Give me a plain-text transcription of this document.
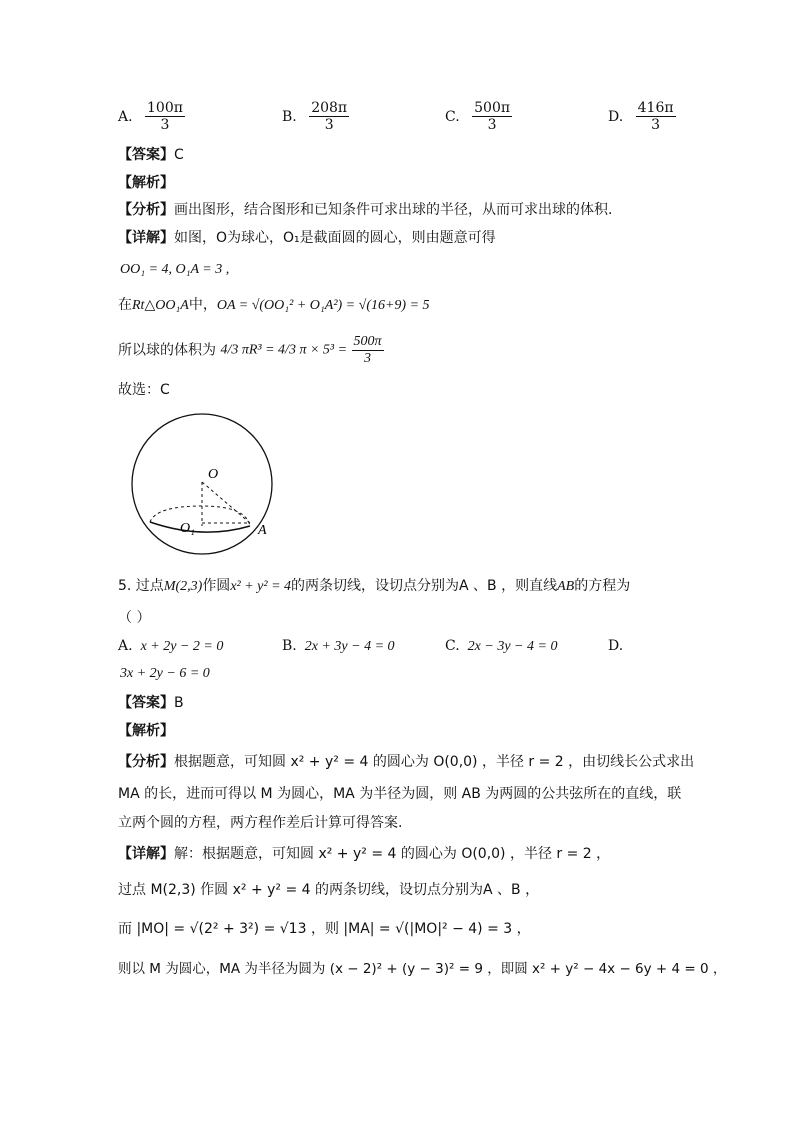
A. $\frac{100\pi}{3}$	B. $\frac{208\pi}{3}$	C. $\frac{500\pi}{3}$	D. $\frac{416\pi}{3}$
【答案】C
【解析】
【分析】画出图形，结合图形和已知条件可求出球的半径，从而可求出球的体积.
【详解】如图，O为球心，O₁是截面圆的圆心，则由题意可得
OO₁ = 4, O₁A = 3 ,
在Rt△OO₁A中，OA = √(OO₁² + O₁A²) = √(16+9) = 5
所以球的体积为 4/3 πR³ = 4/3 $\pi \times 5^3 = \frac{500\pi}{3}$
故选：C
O
O₁	A
5. 过点M(2,3)作圆x² + y² = 4的两条切线，设切点分别为A 、B ，则直线AB的方程为
（ ）
A. x + 2y − 2 = 0	B. 2x + 3y − 4 = 0	C. 2x − 3y − 4 = 0	D.
3x + 2y − 6 = 0
【答案】B
【解析】
【分析】根据题意，可知圆 x² + y² = 4 的圆心为 O(0,0) ，半径 r = 2 ，由切线长公式求出
MA 的长，进而可得以 M 为圆心，MA 为半径为圆，则 AB 为两圆的公共弦所在的直线，联
立两个圆的方程，两方程作差后计算可得答案.
【详解】解：根据题意，可知圆 x² + y² = 4 的圆心为 O(0,0) ，半径 r = 2 ，
过点 M(2,3) 作圆 x² + y² = 4 的两条切线，设切点分别为A 、B ，
而 |MO| = √(2² + 3²) = √13 ，则 |MA| = √(|MO|² − 4) = 3 ，
则以 M 为圆心，MA 为半径为圆为 (x − 2)² + (y − 3)² = 9 ，即圆 x² + y² − 4x − 6y + 4 = 0 ，
